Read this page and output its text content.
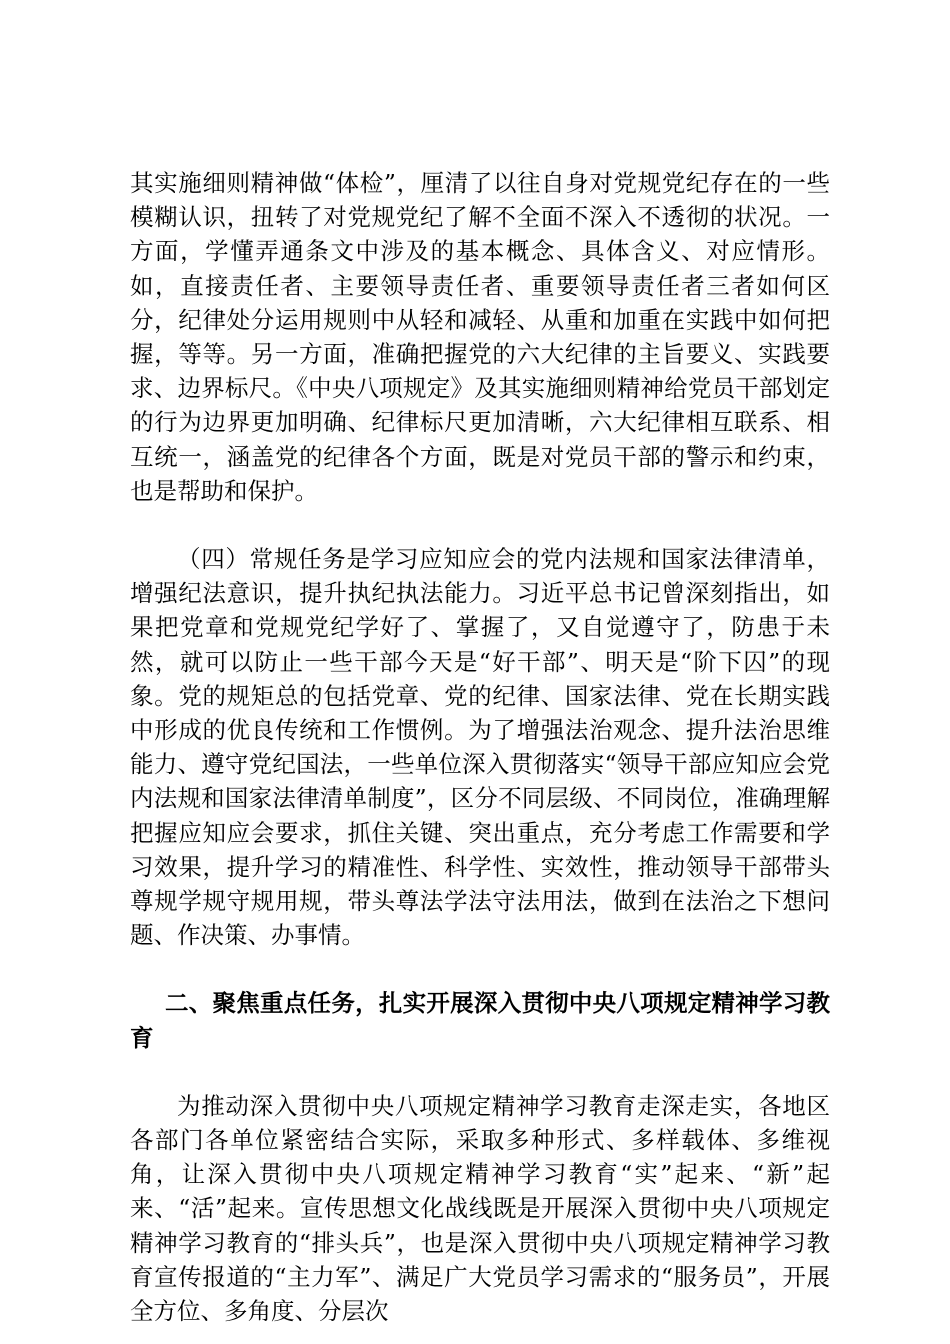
其实施细则精神做“体检”，厘清了以往自身对党规党纪存在的一些模糊认识，扭转了对党规党纪了解不全面不深入不透彻的状况。一方面，学懂弄通条文中涉及的基本概念、具体含义、对应情形。如，直接责任者、主要领导责任者、重要领导责任者三者如何区分，纪律处分运用规则中从轻和减轻、从重和加重在实践中如何把握，等等。另一方面，准确把握党的六大纪律的主旨要义、实践要求、边界标尺。《中央八项规定》及其实施细则精神给党员干部划定的行为边界更加明确、纪律标尺更加清晰，六大纪律相互联系、相互统一，涵盖党的纪律各个方面，既是对党员干部的警示和约束，也是帮助和保护。

（四）常规任务是学习应知应会的党内法规和国家法律清单，增强纪法意识，提升执纪执法能力。习近平总书记曾深刻指出，如果把党章和党规党纪学好了、掌握了，又自觉遵守了，防患于未然，就可以防止一些干部今天是“好干部”、明天是“阶下囚”的现象。党的规矩总的包括党章、党的纪律、国家法律、党在长期实践中形成的优良传统和工作惯例。为了增强法治观念、提升法治思维能力、遵守党纪国法，一些单位深入贯彻落实“领导干部应知应会党内法规和国家法律清单制度”，区分不同层级、不同岗位，准确理解把握应知应会要求，抓住关键、突出重点，充分考虑工作需要和学习效果，提升学习的精准性、科学性、实效性，推动领导干部带头尊规学规守规用规，带头尊法学法守法用法，做到在法治之下想问题、作决策、办事情。

二、聚焦重点任务，扎实开展深入贯彻中央八项规定精神学习教育

为推动深入贯彻中央八项规定精神学习教育走深走实，各地区各部门各单位紧密结合实际，采取多种形式、多样载体、多维视角，让深入贯彻中央八项规定精神学习教育“实”起来、“新”起来、“活”起来。宣传思想文化战线既是开展深入贯彻中央八项规定精神学习教育的“排头兵”，也是深入贯彻中央八项规定精神学习教育宣传报道的“主力军”、满足广大党员学习需求的“服务员”，开展全方位、多角度、分层次
